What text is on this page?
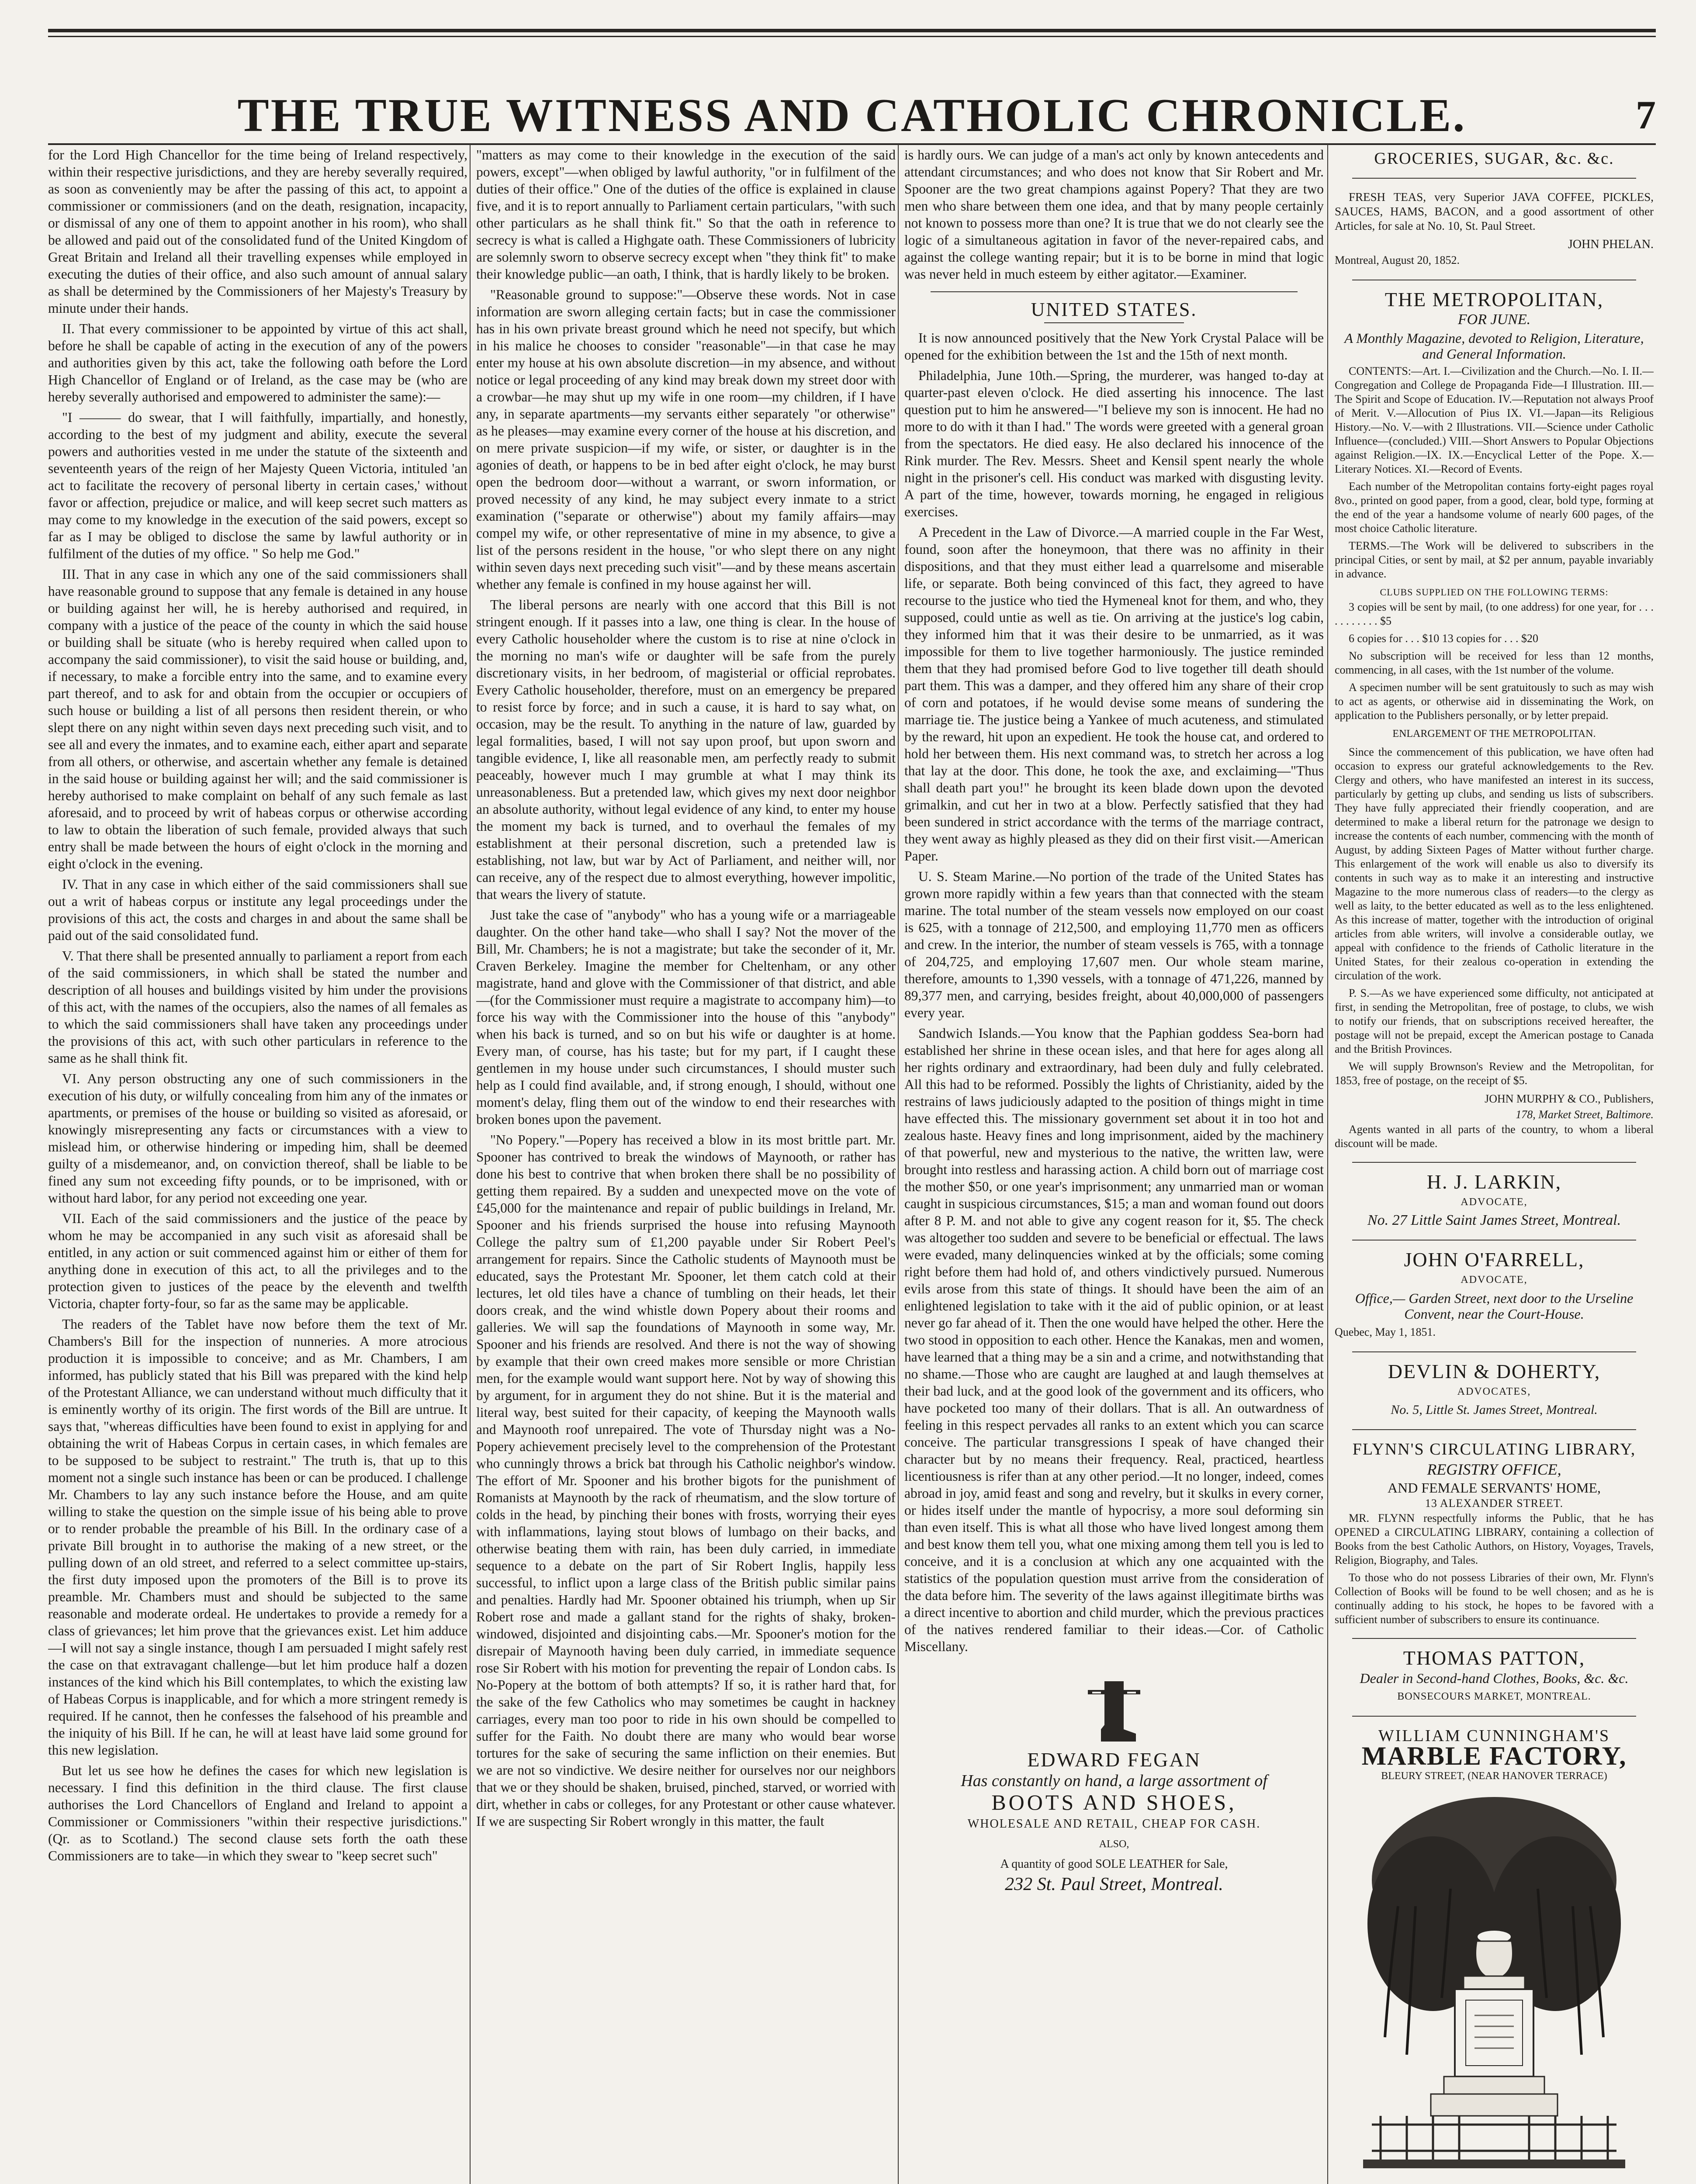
THE TRUE WITNESS AND CATHOLIC CHRONICLE.	7

for the Lord High Chancellor for the time being of Ireland respectively, within their respective jurisdictions, and they are hereby severally required, as soon as conveniently may be after the passing of this act, to appoint a commissioner or commissioners (and on the death, resignation, incapacity, or dismissal of any one of them to appoint another in his room), who shall be allowed and paid out of the consolidated fund of the United Kingdom of Great Britain and Ireland all their travelling expenses while employed in executing the duties of their office, and also such amount of annual salary as shall be determined by the Commissioners of her Majesty's Treasury by minute under their hands.

II. That every commissioner to be appointed by virtue of this act shall, before he shall be capable of acting in the execution of any of the powers and authorities given by this act, take the following oath before the Lord High Chancellor of England or of Ireland, as the case may be (who are hereby severally authorised and empowered to administer the same):—

"I ——— do swear, that I will faithfully, impartially, and honestly, according to the best of my judgment and ability, execute the several powers and authorities vested in me under the statute of the sixteenth and seventeenth years of the reign of her Majesty Queen Victoria, intituled 'an act to facilitate the recovery of personal liberty in certain cases,' without favor or affection, prejudice or malice, and will keep secret such matters as may come to my knowledge in the execution of the said powers, except so far as I may be obliged to disclose the same by lawful authority or in fulfilment of the duties of my office. " So help me God."

III. That in any case in which any one of the said commissioners shall have reasonable ground to suppose that any female is detained in any house or building against her will, he is hereby authorised and required, in company with a justice of the peace of the county in which the said house or building shall be situate (who is hereby required when called upon to accompany the said commissioner), to visit the said house or building, and, if necessary, to make a forcible entry into the same, and to examine every part thereof, and to ask for and obtain from the occupier or occupiers of such house or building a list of all persons then resident therein, or who slept there on any night within seven days next preceding such visit, and to see all and every the inmates, and to examine each, either apart and separate from all others, or otherwise, and ascertain whether any female is detained in the said house or building against her will; and the said commissioner is hereby authorised to make complaint on behalf of any such female as last aforesaid, and to proceed by writ of habeas corpus or otherwise according to law to obtain the liberation of such female, provided always that such entry shall be made between the hours of eight o'clock in the morning and eight o'clock in the evening.

IV. That in any case in which either of the said commissioners shall sue out a writ of habeas corpus or institute any legal proceedings under the provisions of this act, the costs and charges in and about the same shall be paid out of the said consolidated fund.

V. That there shall be presented annually to parliament a report from each of the said commissioners, in which shall be stated the number and description of all houses and buildings visited by him under the provisions of this act, with the names of the occupiers, also the names of all females as to which the said commissioners shall have taken any proceedings under the provisions of this act, with such other particulars in reference to the same as he shall think fit.

VI. Any person obstructing any one of such commissioners in the execution of his duty, or wilfully concealing from him any of the inmates or apartments, or premises of the house or building so visited as aforesaid, or knowingly misrepresenting any facts or circumstances with a view to mislead him, or otherwise hindering or impeding him, shall be deemed guilty of a misdemeanor, and, on conviction thereof, shall be liable to be fined any sum not exceeding fifty pounds, or to be imprisoned, with or without hard labor, for any period not exceeding one year.

VII. Each of the said commissioners and the justice of the peace by whom he may be accompanied in any such visit as aforesaid shall be entitled, in any action or suit commenced against him or either of them for anything done in execution of this act, to all the privileges and to the protection given to justices of the peace by the eleventh and twelfth Victoria, chapter forty-four, so far as the same may be applicable.

The readers of the Tablet have now before them the text of Mr. Chambers's Bill for the inspection of nunneries. A more atrocious production it is impossible to conceive; and as Mr. Chambers, I am informed, has publicly stated that his Bill was prepared with the kind help of the Protestant Alliance, we can understand without much difficulty that it is eminently worthy of its origin. The first words of the Bill are untrue. It says that, "whereas difficulties have been found to exist in applying for and obtaining the writ of Habeas Corpus in certain cases, in which females are to be supposed to be subject to restraint." The truth is, that up to this moment not a single such instance has been or can be produced. I challenge Mr. Chambers to lay any such instance before the House, and am quite willing to stake the question on the simple issue of his being able to prove or to render probable the preamble of his Bill. In the ordinary case of a private Bill brought in to authorise the making of a new street, or the pulling down of an old street, and referred to a select committee up-stairs, the first duty imposed upon the promoters of the Bill is to prove its preamble. Mr. Chambers must and should be subjected to the same reasonable and moderate ordeal. He undertakes to provide a remedy for a class of grievances; let him prove that the grievances exist. Let him adduce—I will not say a single instance, though I am persuaded I might safely rest the case on that extravagant challenge—but let him produce half a dozen instances of the kind which his Bill contemplates, to which the existing law of Habeas Corpus is inapplicable, and for which a more stringent remedy is required. If he cannot, then he confesses the falsehood of his preamble and the iniquity of his Bill. If he can, he will at least have laid some ground for this new legislation.

But let us see how he defines the cases for which new legislation is necessary. I find this definition in the third clause. The first clause authorises the Lord Chancellors of England and Ireland to appoint a Commissioner or Commissioners "within their respective jurisdictions." (Qr. as to Scotland.) The second clause sets forth the oath these Commissioners are to take—in which they swear to "keep secret such"

"matters as may come to their knowledge in the execution of the said powers, except"—when obliged by lawful authority, "or in fulfilment of the duties of their office." One of the duties of the office is explained in clause five, and it is to report annually to Parliament certain particulars, "with such other particulars as he shall think fit." So that the oath in reference to secrecy is what is called a Highgate oath. These Commissioners of lubricity are solemnly sworn to observe secrecy except when "they think fit" to make their knowledge public—an oath, I think, that is hardly likely to be broken.

"Reasonable ground to suppose:"—Observe these words. Not in case information are sworn alleging certain facts; but in case the commissioner has in his own private breast ground which he need not specify, but which in his malice he chooses to consider "reasonable"—in that case he may enter my house at his own absolute discretion—in my absence, and without notice or legal proceeding of any kind may break down my street door with a crowbar—he may shut up my wife in one room—my children, if I have any, in separate apartments—my servants either separately "or otherwise" as he pleases—may examine every corner of the house at his discretion, and on mere private suspicion—if my wife, or sister, or daughter is in the agonies of death, or happens to be in bed after eight o'clock, he may burst open the bedroom door—without a warrant, or sworn information, or proved necessity of any kind, he may subject every inmate to a strict examination ("separate or otherwise") about my family affairs—may compel my wife, or other representative of mine in my absence, to give a list of the persons resident in the house, "or who slept there on any night within seven days next preceding such visit"—and by these means ascertain whether any female is confined in my house against her will.

The liberal persons are nearly with one accord that this Bill is not stringent enough. If it passes into a law, one thing is clear. In the house of every Catholic householder where the custom is to rise at nine o'clock in the morning no man's wife or daughter will be safe from the purely discretionary visits, in her bedroom, of magisterial or official reprobates. Every Catholic householder, therefore, must on an emergency be prepared to resist force by force; and in such a cause, it is hard to say what, on occasion, may be the result. To anything in the nature of law, guarded by legal formalities, based, I will not say upon proof, but upon sworn and tangible evidence, I, like all reasonable men, am perfectly ready to submit peaceably, however much I may grumble at what I may think its unreasonableness. But a pretended law, which gives my next door neighbor an absolute authority, without legal evidence of any kind, to enter my house the moment my back is turned, and to overhaul the females of my establishment at their personal discretion, such a pretended law is establishing, not law, but war by Act of Parliament, and neither will, nor can receive, any of the respect due to almost everything, however impolitic, that wears the livery of statute.

Just take the case of "anybody" who has a young wife or a marriageable daughter. On the other hand take—who shall I say? Not the mover of the Bill, Mr. Chambers; he is not a magistrate; but take the seconder of it, Mr. Craven Berkeley. Imagine the member for Cheltenham, or any other magistrate, hand and glove with the Commissioner of that district, and able—(for the Commissioner must require a magistrate to accompany him)—to force his way with the Commissioner into the house of this "anybody" when his back is turned, and so on but his wife or daughter is at home. Every man, of course, has his taste; but for my part, if I caught these gentlemen in my house under such circumstances, I should muster such help as I could find available, and, if strong enough, I should, without one moment's delay, fling them out of the window to end their researches with broken bones upon the pavement.

"No Popery."—Popery has received a blow in its most brittle part. Mr. Spooner has contrived to break the windows of Maynooth, or rather has done his best to contrive that when broken there shall be no possibility of getting them repaired. By a sudden and unexpected move on the vote of £45,000 for the maintenance and repair of public buildings in Ireland, Mr. Spooner and his friends surprised the house into refusing Maynooth College the paltry sum of £1,200 payable under Sir Robert Peel's arrangement for repairs. Since the Catholic students of Maynooth must be educated, says the Protestant Mr. Spooner, let them catch cold at their lectures, let old tiles have a chance of tumbling on their heads, let their doors creak, and the wind whistle down Popery about their rooms and galleries. We will sap the foundations of Maynooth in some way, Mr. Spooner and his friends are resolved. And there is not the way of showing by example that their own creed makes more sensible or more Christian men, for the example would want support here. Not by way of showing this by argument, for in argument they do not shine. But it is the material and literal way, best suited for their capacity, of keeping the Maynooth walls and Maynooth roof unrepaired. The vote of Thursday night was a No-Popery achievement precisely level to the comprehension of the Protestant who cunningly throws a brick bat through his Catholic neighbor's window. The effort of Mr. Spooner and his brother bigots for the punishment of Romanists at Maynooth by the rack of rheumatism, and the slow torture of colds in the head, by pinching their bones with frosts, worrying their eyes with inflammations, laying stout blows of lumbago on their backs, and otherwise beating them with rain, has been duly carried, in immediate sequence to a debate on the part of Sir Robert Inglis, happily less successful, to inflict upon a large class of the British public similar pains and penalties. Hardly had Mr. Spooner obtained his triumph, when up Sir Robert rose and made a gallant stand for the rights of shaky, broken-windowed, disjointed and disjointing cabs.—Mr. Spooner's motion for the disrepair of Maynooth having been duly carried, in immediate sequence rose Sir Robert with his motion for preventing the repair of London cabs. Is No-Popery at the bottom of both attempts? If so, it is rather hard that, for the sake of the few Catholics who may sometimes be caught in hackney carriages, every man too poor to ride in his own should be compelled to suffer for the Faith. No doubt there are many who would bear worse tortures for the sake of securing the same infliction on their enemies. But we are not so vindictive. We desire neither for ourselves nor our neighbors that we or they should be shaken, bruised, pinched, starved, or worried with dirt, whether in cabs or colleges, for any Protestant or other cause whatever. If we are suspecting Sir Robert wrongly in this matter, the fault

is hardly ours. We can judge of a man's act only by known antecedents and attendant circumstances; and who does not know that Sir Robert and Mr. Spooner are the two great champions against Popery? That they are two men who share between them one idea, and that by many people certainly not known to possess more than one? It is true that we do not clearly see the logic of a simultaneous agitation in favor of the never-repaired cabs, and against the college wanting repair; but it is to be borne in mind that logic was never held in much esteem by either agitator.—Examiner.

UNITED STATES.

It is now announced positively that the New York Crystal Palace will be opened for the exhibition between the 1st and the 15th of next month.

Philadelphia, June 10th.—Spring, the murderer, was hanged to-day at quarter-past eleven o'clock. He died asserting his innocence. The last question put to him he answered—"I believe my son is innocent. He had no more to do with it than I had." The words were greeted with a general groan from the spectators. He died easy. He also declared his innocence of the Rink murder. The Rev. Messrs. Sheet and Kensil spent nearly the whole night in the prisoner's cell. His conduct was marked with disgusting levity. A part of the time, however, towards morning, he engaged in religious exercises.

A Precedent in the Law of Divorce.—A married couple in the Far West, found, soon after the honeymoon, that there was no affinity in their dispositions, and that they must either lead a quarrelsome and miserable life, or separate. Both being convinced of this fact, they agreed to have recourse to the justice who tied the Hymeneal knot for them, and who, they supposed, could untie as well as tie. On arriving at the justice's log cabin, they informed him that it was their desire to be unmarried, as it was impossible for them to live together harmoniously. The justice reminded them that they had promised before God to live together till death should part them. This was a damper, and they offered him any share of their crop of corn and potatoes, if he would devise some means of sundering the marriage tie. The justice being a Yankee of much acuteness, and stimulated by the reward, hit upon an expedient. He took the house cat, and ordered to hold her between them. His next command was, to stretch her across a log that lay at the door. This done, he took the axe, and exclaiming—"Thus shall death part you!" he brought its keen blade down upon the devoted grimalkin, and cut her in two at a blow. Perfectly satisfied that they had been sundered in strict accordance with the terms of the marriage contract, they went away as highly pleased as they did on their first visit.—American Paper.

U. S. Steam Marine.—No portion of the trade of the United States has grown more rapidly within a few years than that connected with the steam marine. The total number of the steam vessels now employed on our coast is 625, with a tonnage of 212,500, and employing 11,770 men as officers and crew. In the interior, the number of steam vessels is 765, with a tonnage of 204,725, and employing 17,607 men. Our whole steam marine, therefore, amounts to 1,390 vessels, with a tonnage of 471,226, manned by 89,377 men, and carrying, besides freight, about 40,000,000 of passengers every year.

Sandwich Islands.—You know that the Paphian goddess Sea-born had established her shrine in these ocean isles, and that here for ages along all her rights ordinary and extraordinary, had been duly and fully celebrated. All this had to be reformed. Possibly the lights of Christianity, aided by the restrains of laws judiciously adapted to the position of things might in time have effected this. The missionary government set about it in too hot and zealous haste. Heavy fines and long imprisonment, aided by the machinery of that powerful, new and mysterious to the native, the written law, were brought into restless and harassing action. A child born out of marriage cost the mother $50, or one year's imprisonment; any unmarried man or woman caught in suspicious circumstances, $15; a man and woman found out doors after 8 P. M. and not able to give any cogent reason for it, $5. The check was altogether too sudden and severe to be beneficial or effectual. The laws were evaded, many delinquencies winked at by the officials; some coming right before them had hold of, and others vindictively pursued. Numerous evils arose from this state of things. It should have been the aim of an enlightened legislation to take with it the aid of public opinion, or at least never go far ahead of it. Then the one would have helped the other. Here the two stood in opposition to each other. Hence the Kanakas, men and women, have learned that a thing may be a sin and a crime, and notwithstanding that no shame.—Those who are caught are laughed at and laugh themselves at their bad luck, and at the good look of the government and its officers, who have pocketed too many of their dollars. That is all. An outwardness of feeling in this respect pervades all ranks to an extent which you can scarce conceive. The particular transgressions I speak of have changed their character but by no means their frequency. Real, practiced, heartless licentiousness is rifer than at any other period.—It no longer, indeed, comes abroad in joy, amid feast and song and revelry, but it skulks in every corner, or hides itself under the mantle of hypocrisy, a more soul deforming sin than even itself. This is what all those who have lived longest among them and best know them tell you, what one mixing among them tell you is led to conceive, and it is a conclusion at which any one acquainted with the statistics of the population question must arrive from the consideration of the data before him. The severity of the laws against illegitimate births was a direct incentive to abortion and child murder, which the previous practices of the natives rendered familiar to their ideas.—Cor. of Catholic Miscellany.

EDWARD FEGAN
Has constantly on hand, a large assortment of
BOOTS AND SHOES,
WHOLESALE AND RETAIL, CHEAP FOR CASH.
ALSO,
A quantity of good SOLE LEATHER for Sale,
232 St. Paul Street, Montreal.
GROCERIES, SUGAR, &c. &c.

FRESH TEAS, very Superior JAVA COFFEE, PICKLES, SAUCES, HAMS, BACON, and a good assortment of other Articles, for sale at No. 10, St. Paul Street.

JOHN PHELAN.
Montreal, August 20, 1852.
THE METROPOLITAN,
FOR JUNE.
A Monthly Magazine, devoted to Religion, Literature, and General Information.

CONTENTS:—Art. I.—Civilization and the Church.—No. I. II.—Congregation and College de Propaganda Fide—I Illustration. III.—The Spirit and Scope of Education. IV.—Reputation not always Proof of Merit. V.—Allocution of Pius IX. VI.—Japan—its Religious History.—No. V.—with 2 Illustrations. VII.—Science under Catholic Influence—(concluded.) VIII.—Short Answers to Popular Objections against Religion.—IX. IX.—Encyclical Letter of the Pope. X.—Literary Notices. XI.—Record of Events.

Each number of the Metropolitan contains forty-eight pages royal 8vo., printed on good paper, from a good, clear, bold type, forming at the end of the year a handsome volume of nearly 600 pages, of the most choice Catholic literature.

TERMS.—The Work will be delivered to subscribers in the principal Cities, or sent by mail, at $2 per annum, payable invariably in advance.

CLUBS SUPPLIED ON THE FOLLOWING TERMS:

3 copies will be sent by mail, (to one address) for one year, for . . . . . . . . . . . $5

6 copies for . . . $10 13 copies for . . . $20

No subscription will be received for less than 12 months, commencing, in all cases, with the 1st number of the volume.

A specimen number will be sent gratuitously to such as may wish to act as agents, or otherwise aid in disseminating the Work, on application to the Publishers personally, or by letter prepaid.

ENLARGEMENT OF THE METROPOLITAN.

Since the commencement of this publication, we have often had occasion to express our grateful acknowledgements to the Rev. Clergy and others, who have manifested an interest in its success, particularly by getting up clubs, and sending us lists of subscribers. They have fully appreciated their friendly cooperation, and are determined to make a liberal return for the patronage we design to increase the contents of each number, commencing with the month of August, by adding Sixteen Pages of Matter without further charge. This enlargement of the work will enable us also to diversify its contents in such way as to make it an interesting and instructive Magazine to the more numerous class of readers—to the clergy as well as laity, to the better educated as well as to the less enlightened. As this increase of matter, together with the introduction of original articles from able writers, will involve a considerable outlay, we appeal with confidence to the friends of Catholic literature in the United States, for their zealous co-operation in extending the circulation of the work.

P. S.—As we have experienced some difficulty, not anticipated at first, in sending the Metropolitan, free of postage, to clubs, we wish to notify our friends, that on subscriptions received hereafter, the postage will not be prepaid, except the American postage to Canada and the British Provinces.

We will supply Brownson's Review and the Metropolitan, for 1853, free of postage, on the receipt of $5.

JOHN MURPHY & CO., Publishers,
178, Market Street, Baltimore.

Agents wanted in all parts of the country, to whom a liberal discount will be made.

H. J. LARKIN,
ADVOCATE,
No. 27 Little Saint James Street, Montreal.
JOHN O'FARRELL,
ADVOCATE,
Office,— Garden Street, next door to the Urseline Convent, near the Court-House.
Quebec, May 1, 1851.
DEVLIN & DOHERTY,
ADVOCATES,
No. 5, Little St. James Street, Montreal.
FLYNN'S CIRCULATING LIBRARY,
REGISTRY OFFICE,
AND FEMALE SERVANTS' HOME,
13 ALEXANDER STREET.

MR. FLYNN respectfully informs the Public, that he has OPENED a CIRCULATING LIBRARY, containing a collection of Books from the best Catholic Authors, on History, Voyages, Travels, Religion, Biography, and Tales.

To those who do not possess Libraries of their own, Mr. Flynn's Collection of Books will be found to be well chosen; and as he is continually adding to his stock, he hopes to be favored with a sufficient number of subscribers to ensure its continuance.

THOMAS PATTON,
Dealer in Second-hand Clothes, Books, &c. &c.
BONSECOURS MARKET, MONTREAL.
WILLIAM CUNNINGHAM'S
MARBLE FACTORY,
BLEURY STREET, (NEAR HANOVER TERRACE)
